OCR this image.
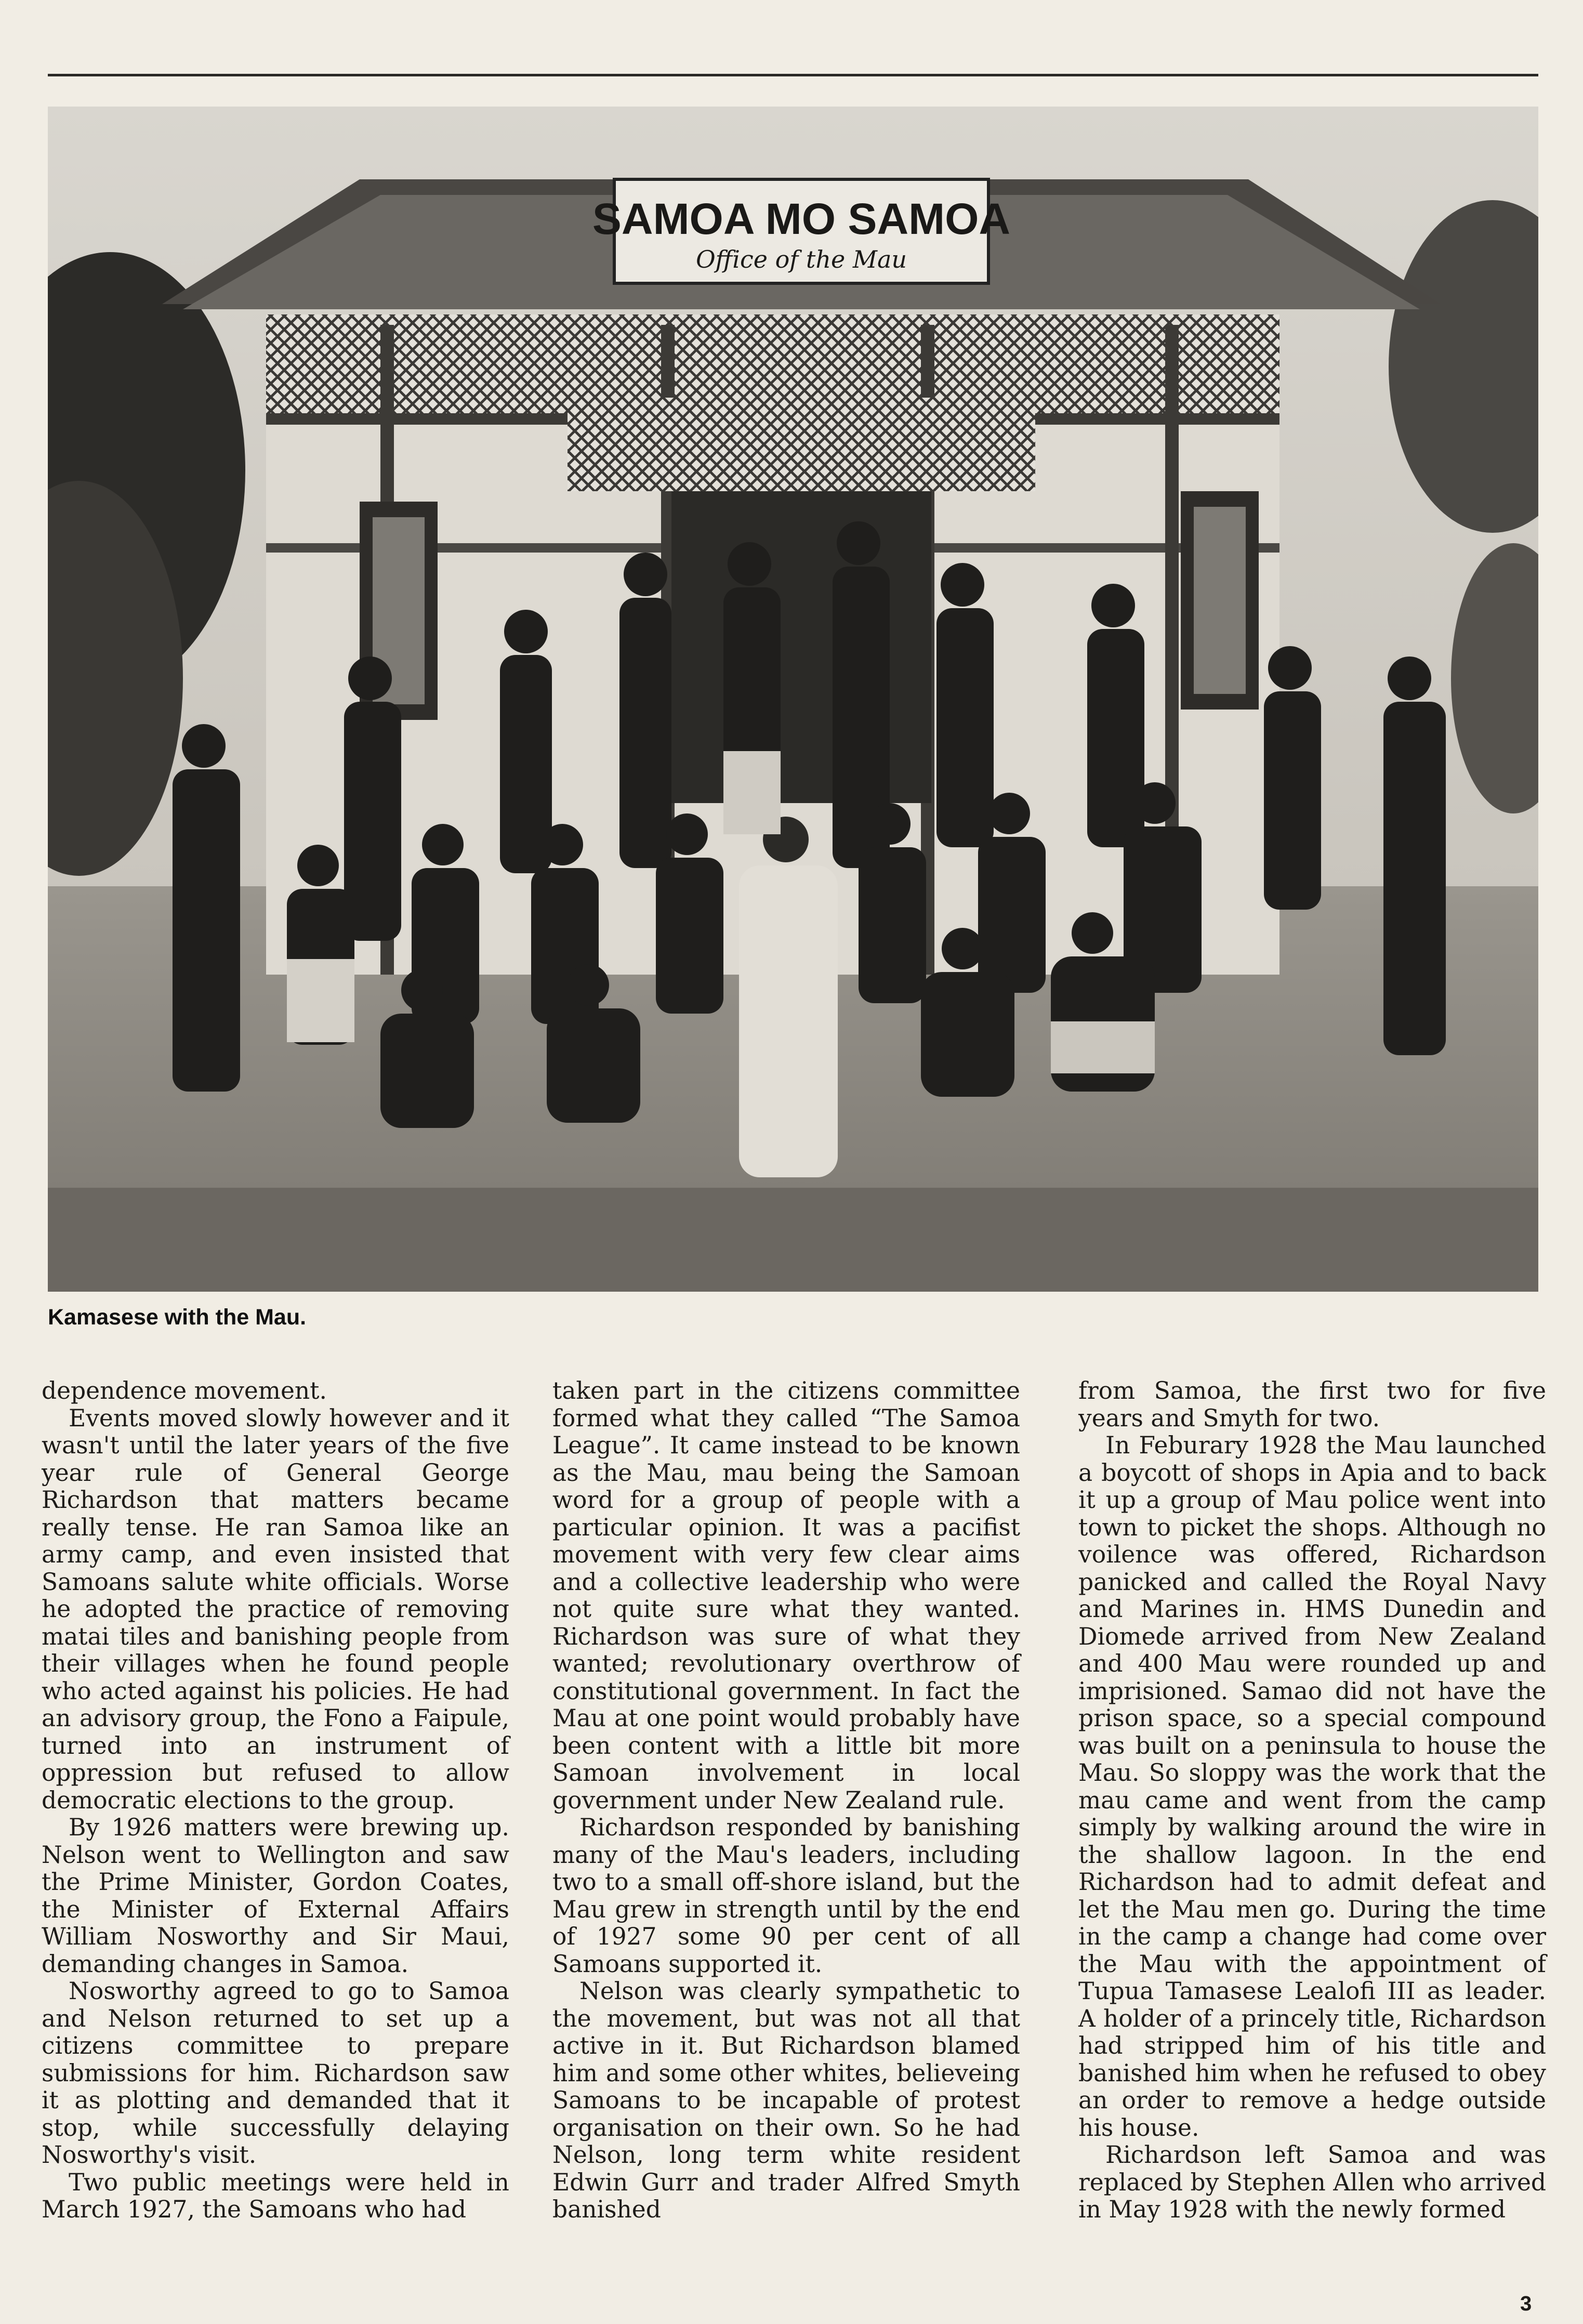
SAMOA MO SAMOA
Office of the Mau
Kamasese with the Mau.

dependence movement.

Events moved slowly however and it wasn't until the later years of the five year rule of General George Richardson that matters became really tense. He ran Samoa like an army camp, and even insisted that Samoans salute white officials. Worse he adopted the practice of removing matai tiles and banishing people from their villages when he found people who acted against his policies. He had an advisory group, the Fono a Faipule, turned into an instrument of oppression but refused to allow democratic elections to the group.

By 1926 matters were brewing up. Nelson went to Wellington and saw the Prime Minister, Gordon Coates, the Minister of External Affairs William Nosworthy and Sir Maui, demanding changes in Samoa.

Nosworthy agreed to go to Samoa and Nelson returned to set up a citizens committee to prepare submissions for him. Richardson saw it as plotting and demanded that it stop, while successfully delaying Nosworthy's visit.

Two public meetings were held in March 1927, the Samoans who had

taken part in the citizens committee formed what they called “The Samoa League”. It came instead to be known as the Mau, mau being the Samoan word for a group of people with a particular opinion. It was a pacifist movement with very few clear aims and a collective leadership who were not quite sure what they wanted. Richardson was sure of what they wanted; revolutionary overthrow of constitutional government. In fact the Mau at one point would probably have been content with a little bit more Samoan involvement in local government under New Zealand rule.

Richardson responded by banishing many of the Mau's leaders, including two to a small off-shore island, but the Mau grew in strength until by the end of 1927 some 90 per cent of all Samoans supported it.

Nelson was clearly sympathetic to the movement, but was not all that active in it. But Richardson blamed him and some other whites, believeing Samoans to be incapable of protest organisation on their own. So he had Nelson, long term white resident Edwin Gurr and trader Alfred Smyth banished

from Samoa, the first two for five years and Smyth for two.

In Feburary 1928 the Mau launched a boycott of shops in Apia and to back it up a group of Mau police went into town to picket the shops. Although no voilence was offered, Richardson panicked and called the Royal Navy and Marines in. HMS Dunedin and Diomede arrived from New Zealand and 400 Mau were rounded up and imprisioned. Samao did not have the prison space, so a special compound was built on a peninsula to house the Mau. So sloppy was the work that the mau came and went from the camp simply by walking around the wire in the shallow lagoon. In the end Richardson had to admit defeat and let the Mau men go. During the time in the camp a change had come over the Mau with the appointment of Tupua Tamasese Lealofi III as leader. A holder of a princely title, Richardson had stripped him of his title and banished him when he refused to obey an order to remove a hedge outside his house.

Richardson left Samoa and was replaced by Stephen Allen who arrived in May 1928 with the newly formed

3
